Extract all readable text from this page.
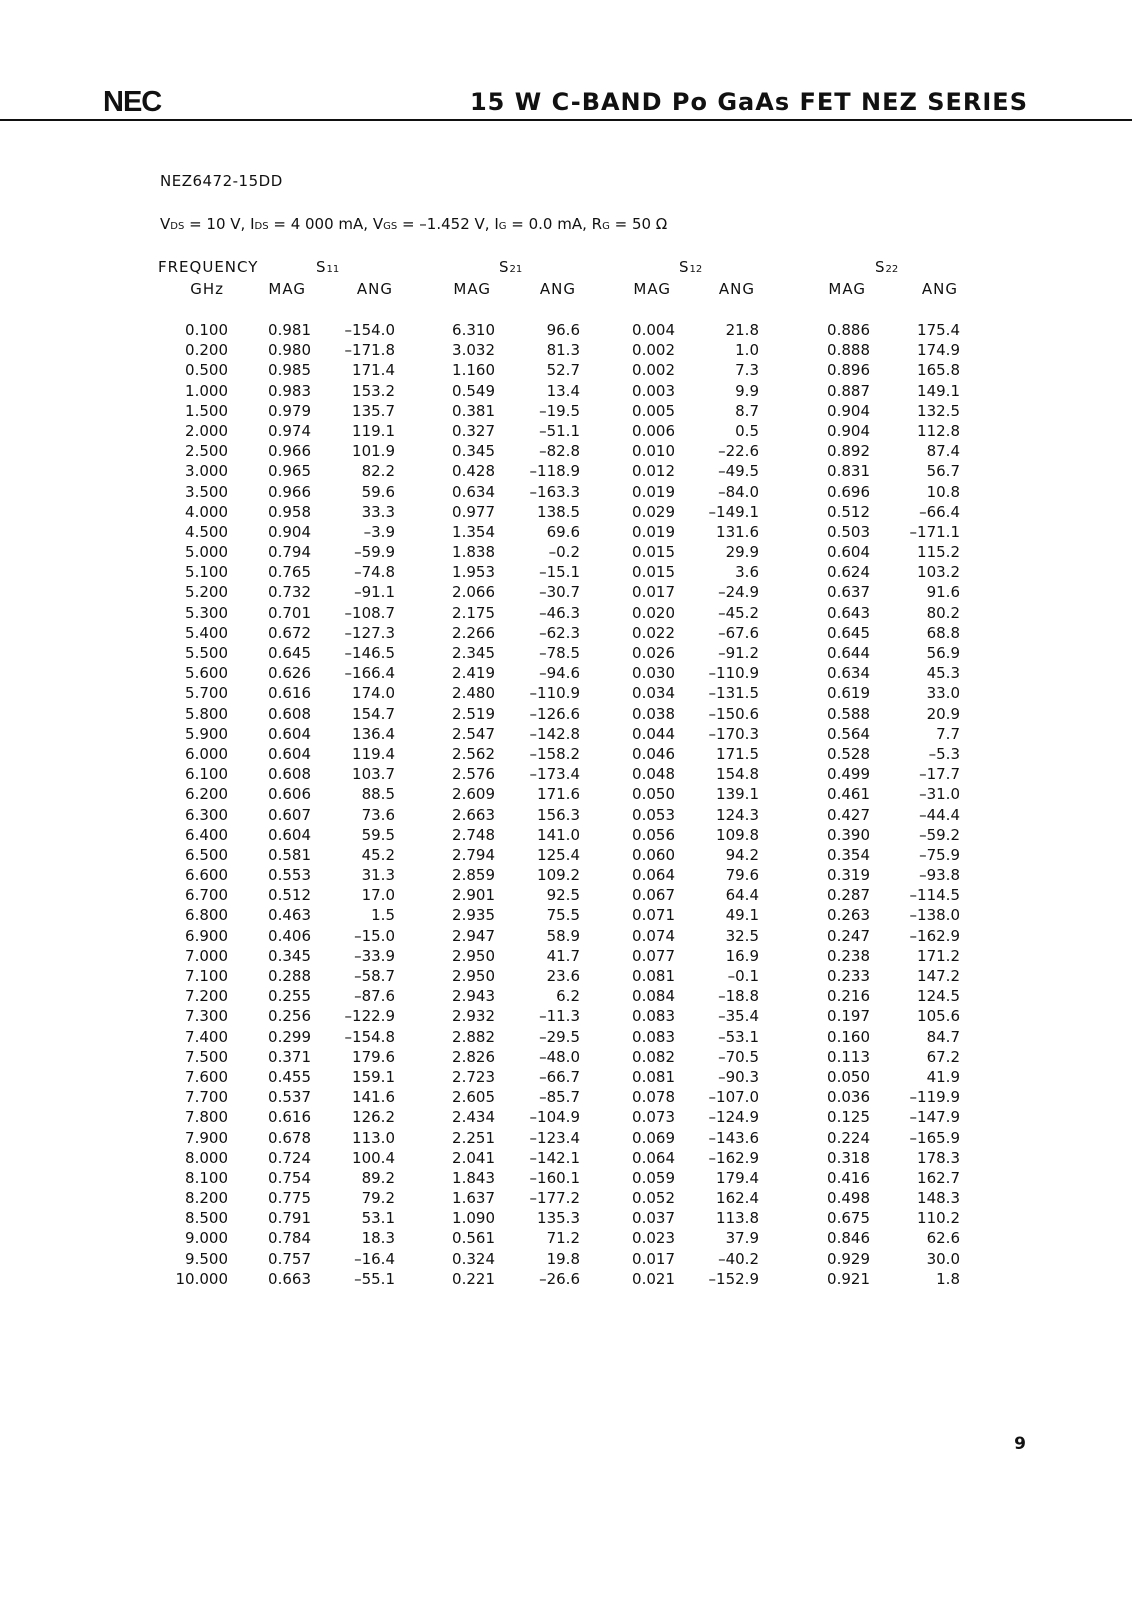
NEC	15 W C-BAND Po GaAs FET NEZ SERIES
NEZ6472-15DD
VDS = 10 V, IDS = 4 000 mA, VGS = –1.452 V, IG = 0.0 mA, RG = 50 Ω
FREQUENCY	S11	S21	S12	S22
GHz	MAG	ANG	MAG	ANG	MAG	ANG	MAG	ANG
0.100	0.981 –154.0	6.310	96.6	0.004	21.8	0.886	175.4
0.200	0.980 –171.8	3.032	81.3	0.002	1.0	0.888	174.9
0.500	0.985	171.4	1.160	52.7	0.002	7.3	0.896	165.8
1.000	0.983	153.2	0.549	13.4	0.003	9.9	0.887	149.1
1.500	0.979	135.7	0.381	–19.5	0.005	8.7	0.904	132.5
2.000	0.974	119.1	0.327	–51.1	0.006	0.5	0.904	112.8
2.500	0.966	101.9	0.345	–82.8	0.010	–22.6	0.892	87.4
3.000	0.965	82.2	0.428 –118.9	0.012	–49.5	0.831	56.7
3.500	0.966	59.6	0.634 –163.3	0.019	–84.0	0.696	10.8
4.000	0.958	33.3	0.977	138.5	0.029 –149.1	0.512	–66.4
4.500	0.904	–3.9	1.354	69.6	0.019	131.6	0.503	–171.1
5.000	0.794	–59.9	1.838	–0.2	0.015	29.9	0.604	115.2
5.100	0.765	–74.8	1.953	–15.1	0.015	3.6	0.624	103.2
5.200	0.732	–91.1	2.066	–30.7	0.017	–24.9	0.637	91.6
5.300	0.701 –108.7	2.175	–46.3	0.020	–45.2	0.643	80.2
5.400	0.672 –127.3	2.266	–62.3	0.022	–67.6	0.645	68.8
5.500	0.645 –146.5	2.345	–78.5	0.026	–91.2	0.644	56.9
5.600	0.626 –166.4	2.419	–94.6	0.030 –110.9	0.634	45.3
5.700	0.616	174.0	2.480 –110.9	0.034 –131.5	0.619	33.0
5.800	0.608	154.7	2.519 –126.6	0.038 –150.6	0.588	20.9
5.900	0.604	136.4	2.547 –142.8	0.044 –170.3	0.564	7.7
6.000	0.604	119.4	2.562 –158.2	0.046	171.5	0.528	–5.3
6.100	0.608	103.7	2.576 –173.4	0.048	154.8	0.499	–17.7
6.200	0.606	88.5	2.609	171.6	0.050	139.1	0.461	–31.0
6.300	0.607	73.6	2.663	156.3	0.053	124.3	0.427	–44.4
6.400	0.604	59.5	2.748	141.0	0.056	109.8	0.390	–59.2
6.500	0.581	45.2	2.794	125.4	0.060	94.2	0.354	–75.9
6.600	0.553	31.3	2.859	109.2	0.064	79.6	0.319	–93.8
6.700	0.512	17.0	2.901	92.5	0.067	64.4	0.287	–114.5
6.800	0.463	1.5	2.935	75.5	0.071	49.1	0.263	–138.0
6.900	0.406	–15.0	2.947	58.9	0.074	32.5	0.247	–162.9
7.000	0.345	–33.9	2.950	41.7	0.077	16.9	0.238	171.2
7.100	0.288	–58.7	2.950	23.6	0.081	–0.1	0.233	147.2
7.200	0.255	–87.6	2.943	6.2	0.084	–18.8	0.216	124.5
7.300	0.256 –122.9	2.932	–11.3	0.083	–35.4	0.197	105.6
7.400	0.299 –154.8	2.882	–29.5	0.083	–53.1	0.160	84.7
7.500	0.371	179.6	2.826	–48.0	0.082	–70.5	0.113	67.2
7.600	0.455	159.1	2.723	–66.7	0.081	–90.3	0.050	41.9
7.700	0.537	141.6	2.605	–85.7	0.078 –107.0	0.036	–119.9
7.800	0.616	126.2	2.434 –104.9	0.073 –124.9	0.125	–147.9
7.900	0.678	113.0	2.251 –123.4	0.069 –143.6	0.224	–165.9
8.000	0.724	100.4	2.041 –142.1	0.064 –162.9	0.318	178.3
8.100	0.754	89.2	1.843 –160.1	0.059	179.4	0.416	162.7
8.200	0.775	79.2	1.637 –177.2	0.052	162.4	0.498	148.3
8.500	0.791	53.1	1.090	135.3	0.037	113.8	0.675	110.2
9.000	0.784	18.3	0.561	71.2	0.023	37.9	0.846	62.6
9.500	0.757	–16.4	0.324	19.8	0.017	–40.2	0.929	30.0
10.000	0.663	–55.1	0.221	–26.6	0.021 –152.9	0.921	1.8
9
